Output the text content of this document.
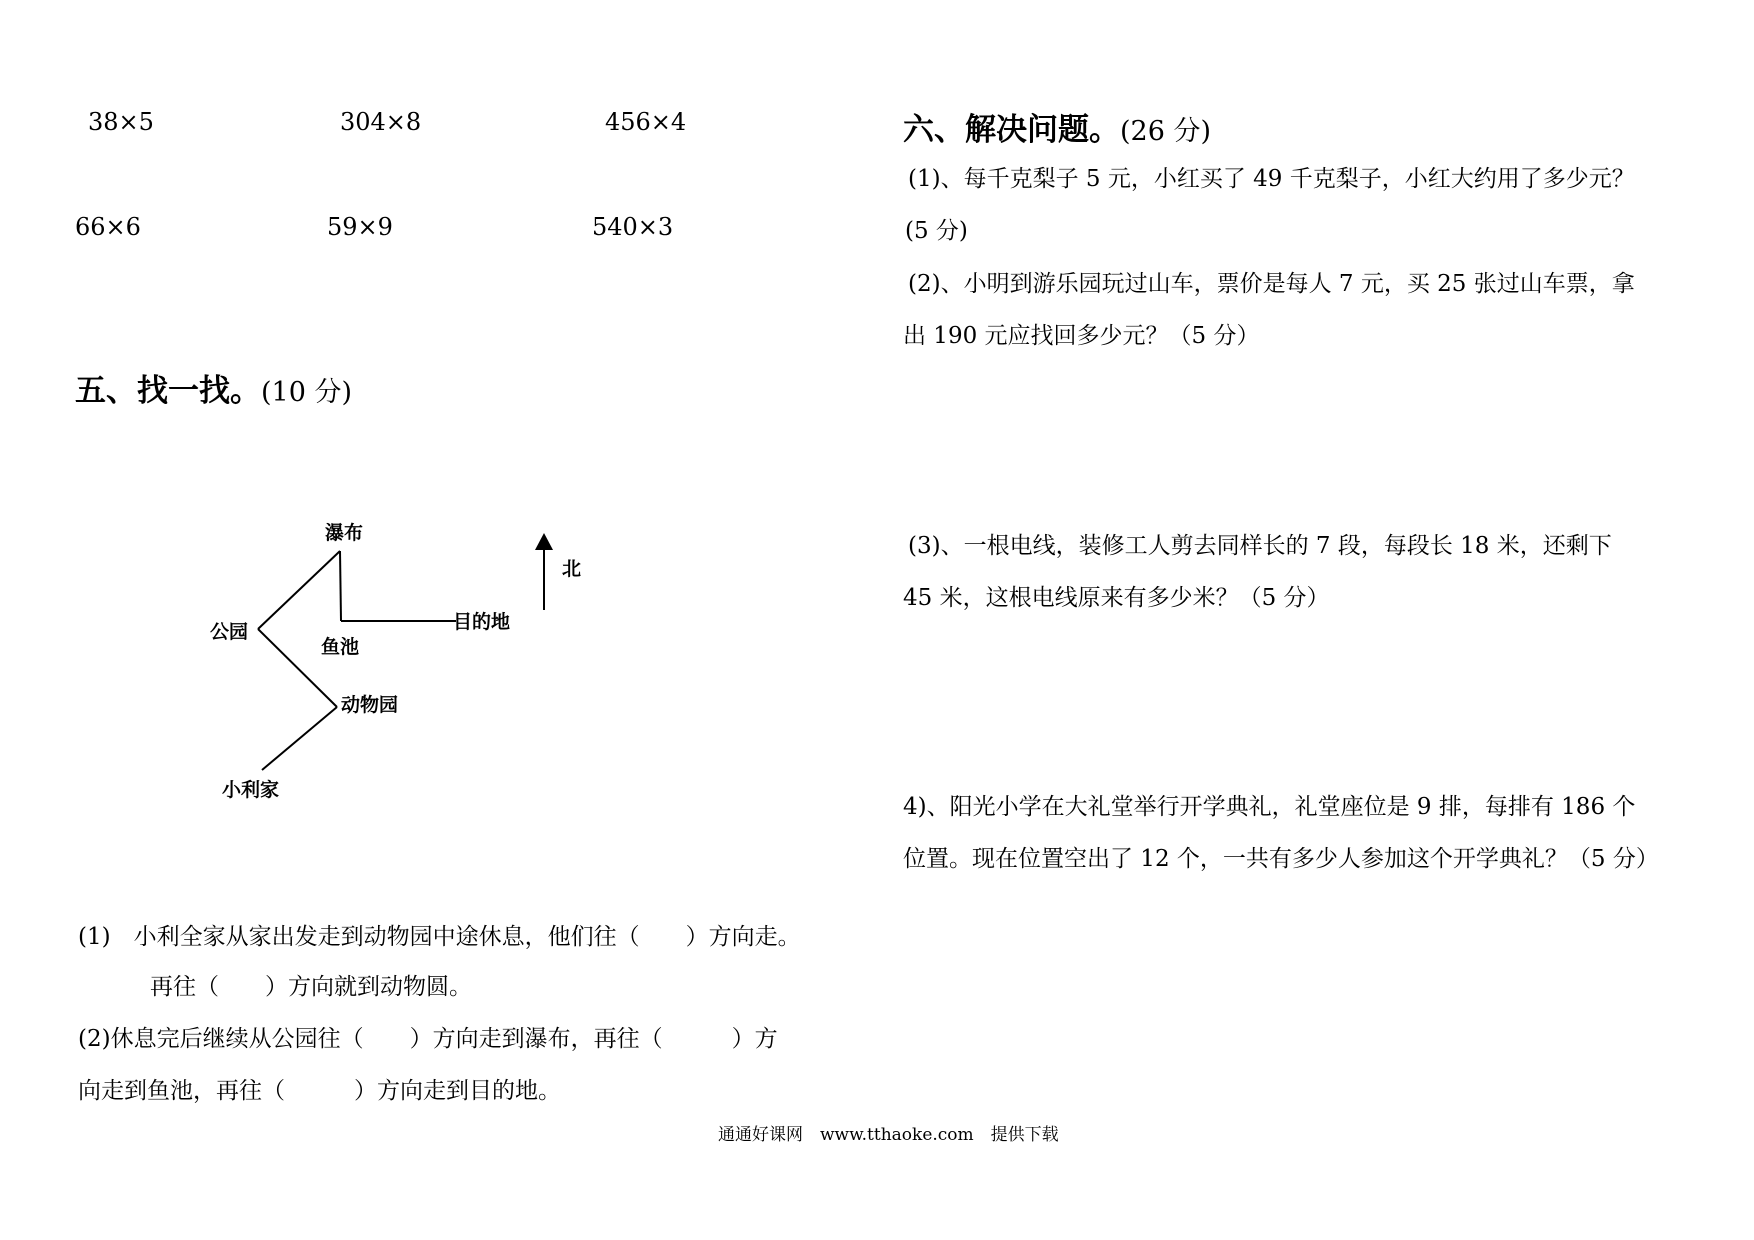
38×5	304×8	456×4
66×6	59×9	540×3
五、找一找。(10 分)
瀑布
鱼池
目的地
公园
动物园
小利家
北
(1)　小利全家从家出发走到动物园中途休息，他们往（　　）方向走。
再往（　　）方向就到动物圆。
(2)休息完后继续从公园往（　　）方向走到瀑布，再往（　　　）方
向走到鱼池，再往（　　　）方向走到目的地。
六、解决问题。(26 分)
(1)、每千克梨子 5 元，小红买了 49 千克梨子，小红大约用了多少元？
(5 分)
(2)、小明到游乐园玩过山车，票价是每人 7 元，买 25 张过山车票，拿
出 190 元应找回多少元？（5 分）
(3)、一根电线，装修工人剪去同样长的 7 段，每段长 18 米，还剩下
45 米，这根电线原来有多少米？（5 分）
4)、阳光小学在大礼堂举行开学典礼，礼堂座位是 9 排，每排有 186 个
位置。现在位置空出了 12 个，一共有多少人参加这个开学典礼？（5 分）
通通好课网　www.tthaoke.com　提供下载
